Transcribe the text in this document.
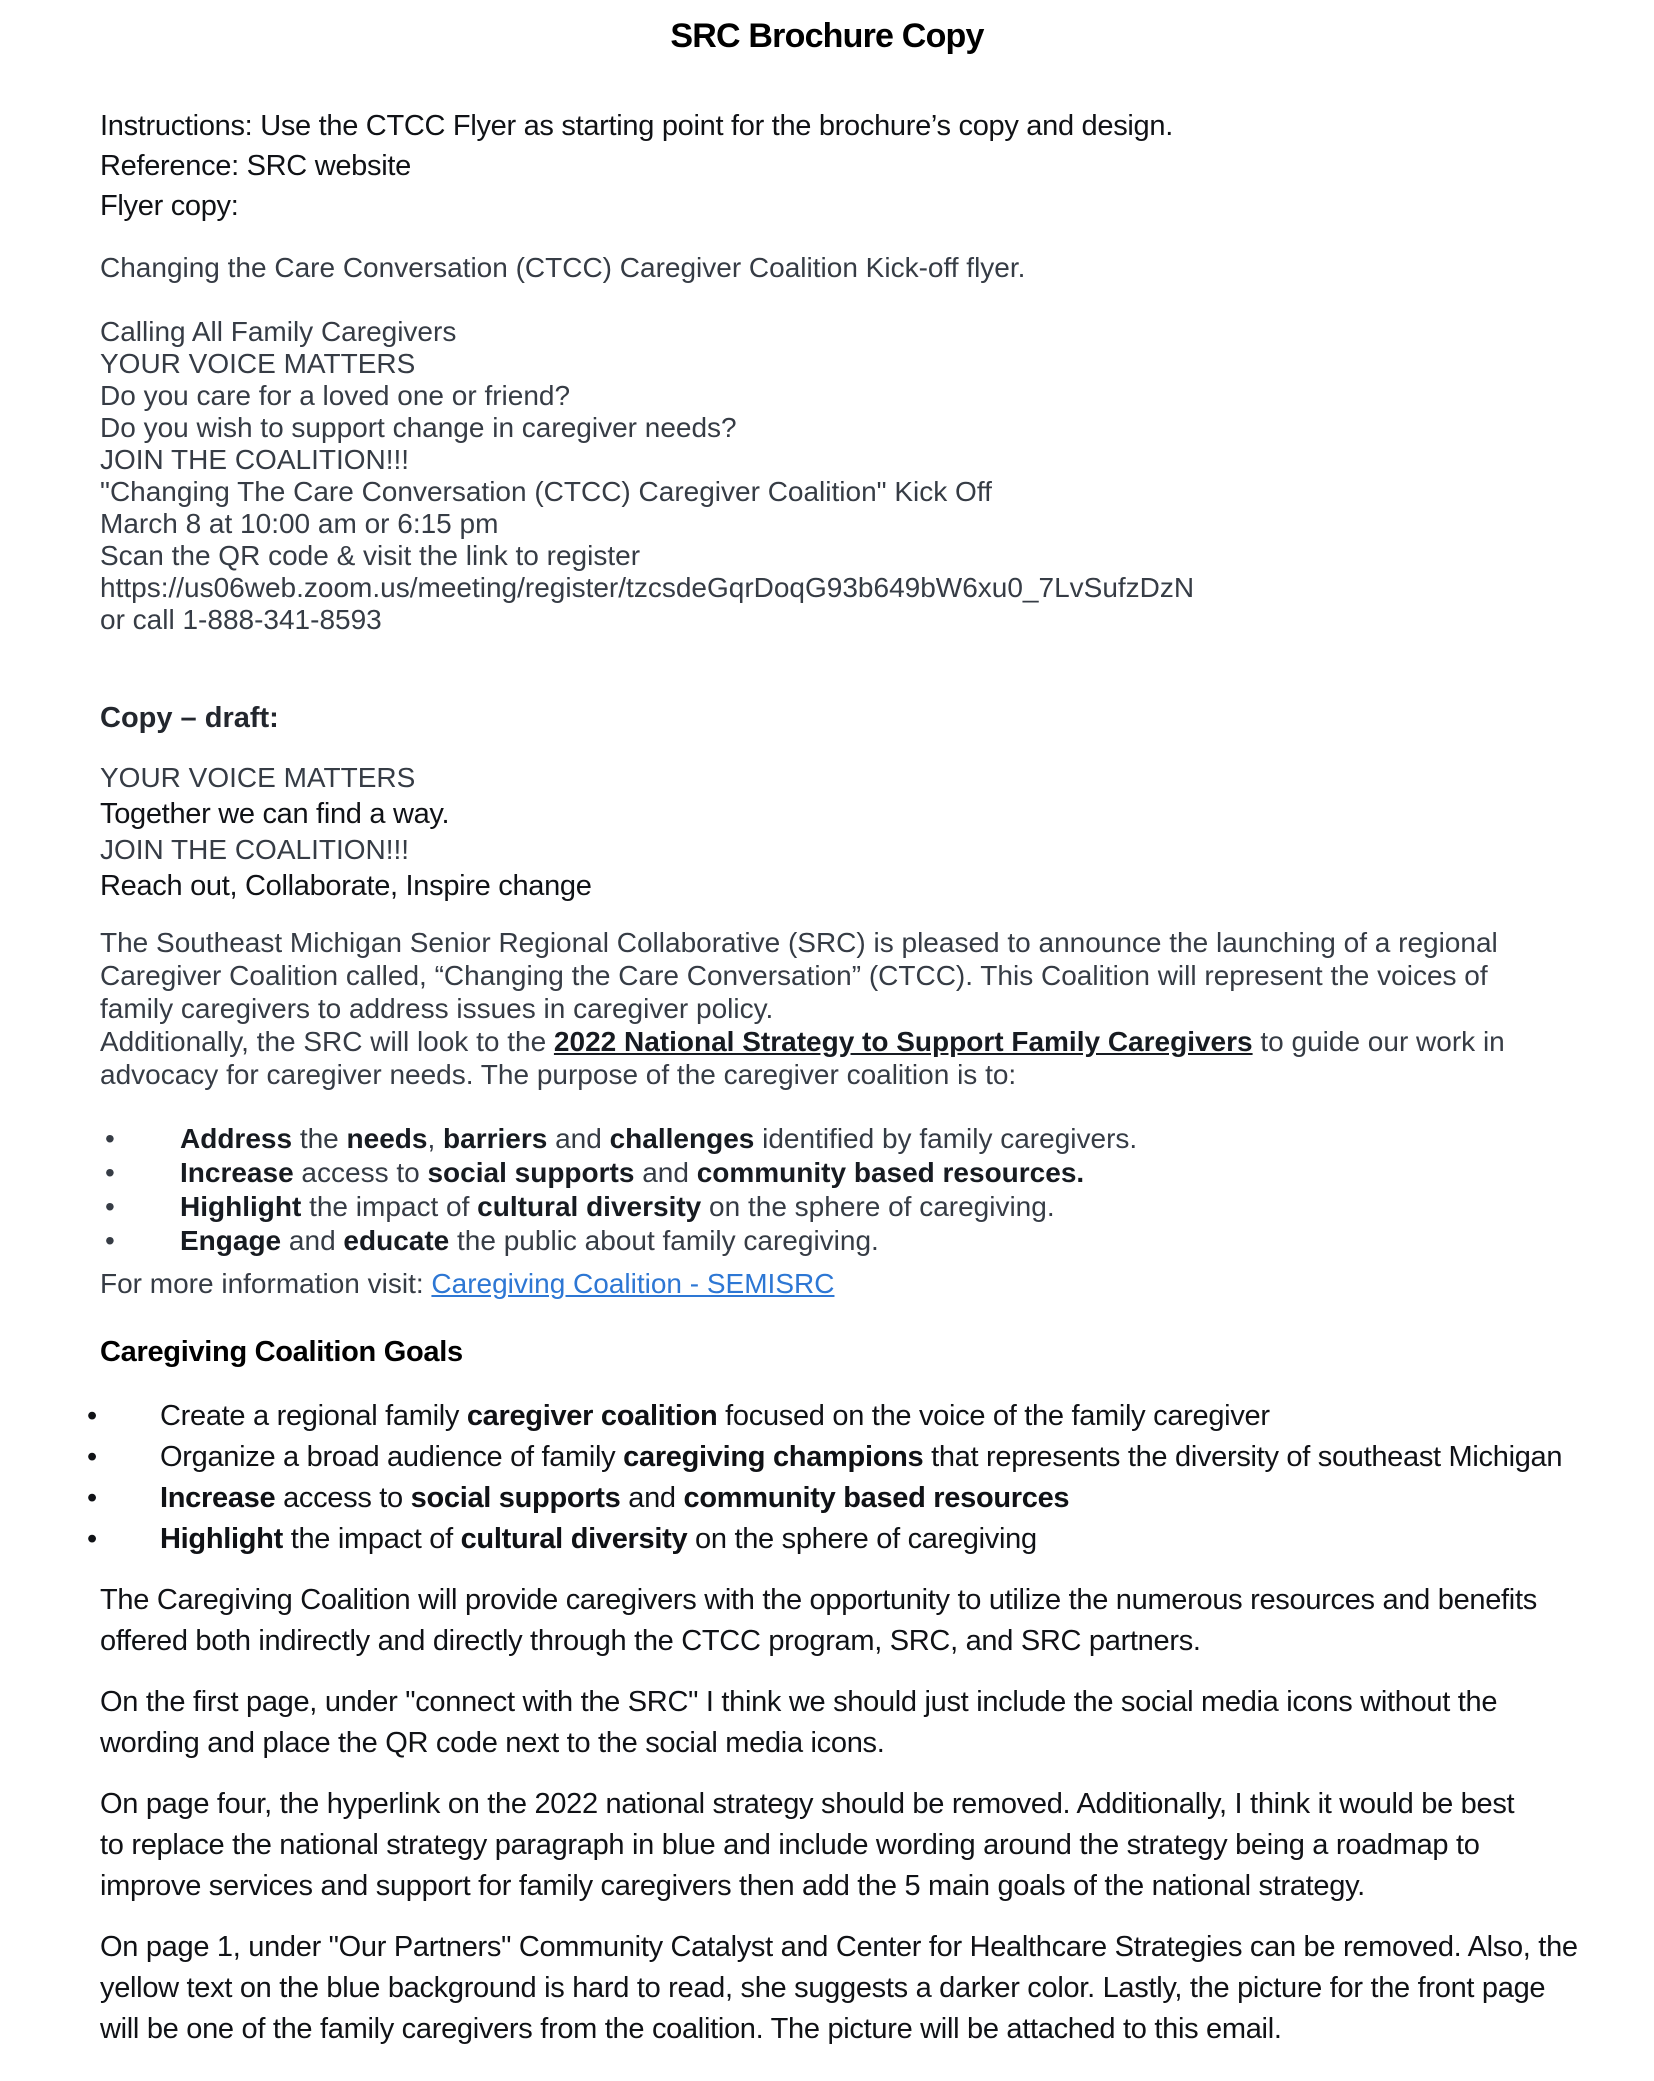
SRC Brochure Copy
Instructions: Use the CTCC Flyer as starting point for the brochure’s copy and design.
Reference: SRC website
Flyer copy:
Changing the Care Conversation (CTCC) Caregiver Coalition Kick-off flyer.

Calling All Family Caregivers
YOUR VOICE MATTERS
Do you care for a loved one or friend?
Do you wish to support change in caregiver needs?
JOIN THE COALITION!!!
"Changing The Care Conversation (CTCC) Caregiver Coalition" Kick Off
March 8 at 10:00 am or 6:15 pm
Scan the QR code & visit the link to register
https://us06web.zoom.us/meeting/register/tzcsdeGqrDoqG93b649bW6xu0_7LvSufzDzN
or call 1-888-341-8593
Copy – draft:
YOUR VOICE MATTERS
Together we can find a way.
JOIN THE COALITION!!!
Reach out, Collaborate, Inspire change
The Southeast Michigan Senior Regional Collaborative (SRC) is pleased to announce the launching of a regional
Caregiver Coalition called, “Changing the Care Conversation” (CTCC). This Coalition will represent the voices of
family caregivers to address issues in caregiver policy.
Additionally, the SRC will look to the 2022 National Strategy to Support Family Caregivers to guide our work in
advocacy for caregiver needs. The purpose of the caregiver coalition is to:
•	Address the needs, barriers and challenges identified by family caregivers.
•	Increase access to social supports and community based resources.
•	Highlight the impact of cultural diversity on the sphere of caregiving.
•	Engage and educate the public about family caregiving.
For more information visit: Caregiving Coalition - SEMISRC
Caregiving Coalition Goals
•	Create a regional family caregiver coalition focused on the voice of the family caregiver
•	Organize a broad audience of family caregiving champions that represents the diversity of southeast Michigan
•	Increase access to social supports and community based resources
•	Highlight the impact of cultural diversity on the sphere of caregiving
The Caregiving Coalition will provide caregivers with the opportunity to utilize the numerous resources and benefits
offered both indirectly and directly through the CTCC program, SRC, and SRC partners.
On the first page, under "connect with the SRC" I think we should just include the social media icons without the
wording and place the QR code next to the social media icons.
On page four, the hyperlink on the 2022 national strategy should be removed. Additionally, I think it would be best
to replace the national strategy paragraph in blue and include wording around the strategy being a roadmap to
improve services and support for family caregivers then add the 5 main goals of the national strategy.
On page 1, under "Our Partners" Community Catalyst and Center for Healthcare Strategies can be removed. Also, the
yellow text on the blue background is hard to read, she suggests a darker color. Lastly, the picture for the front page
will be one of the family caregivers from the coalition. The picture will be attached to this email.
